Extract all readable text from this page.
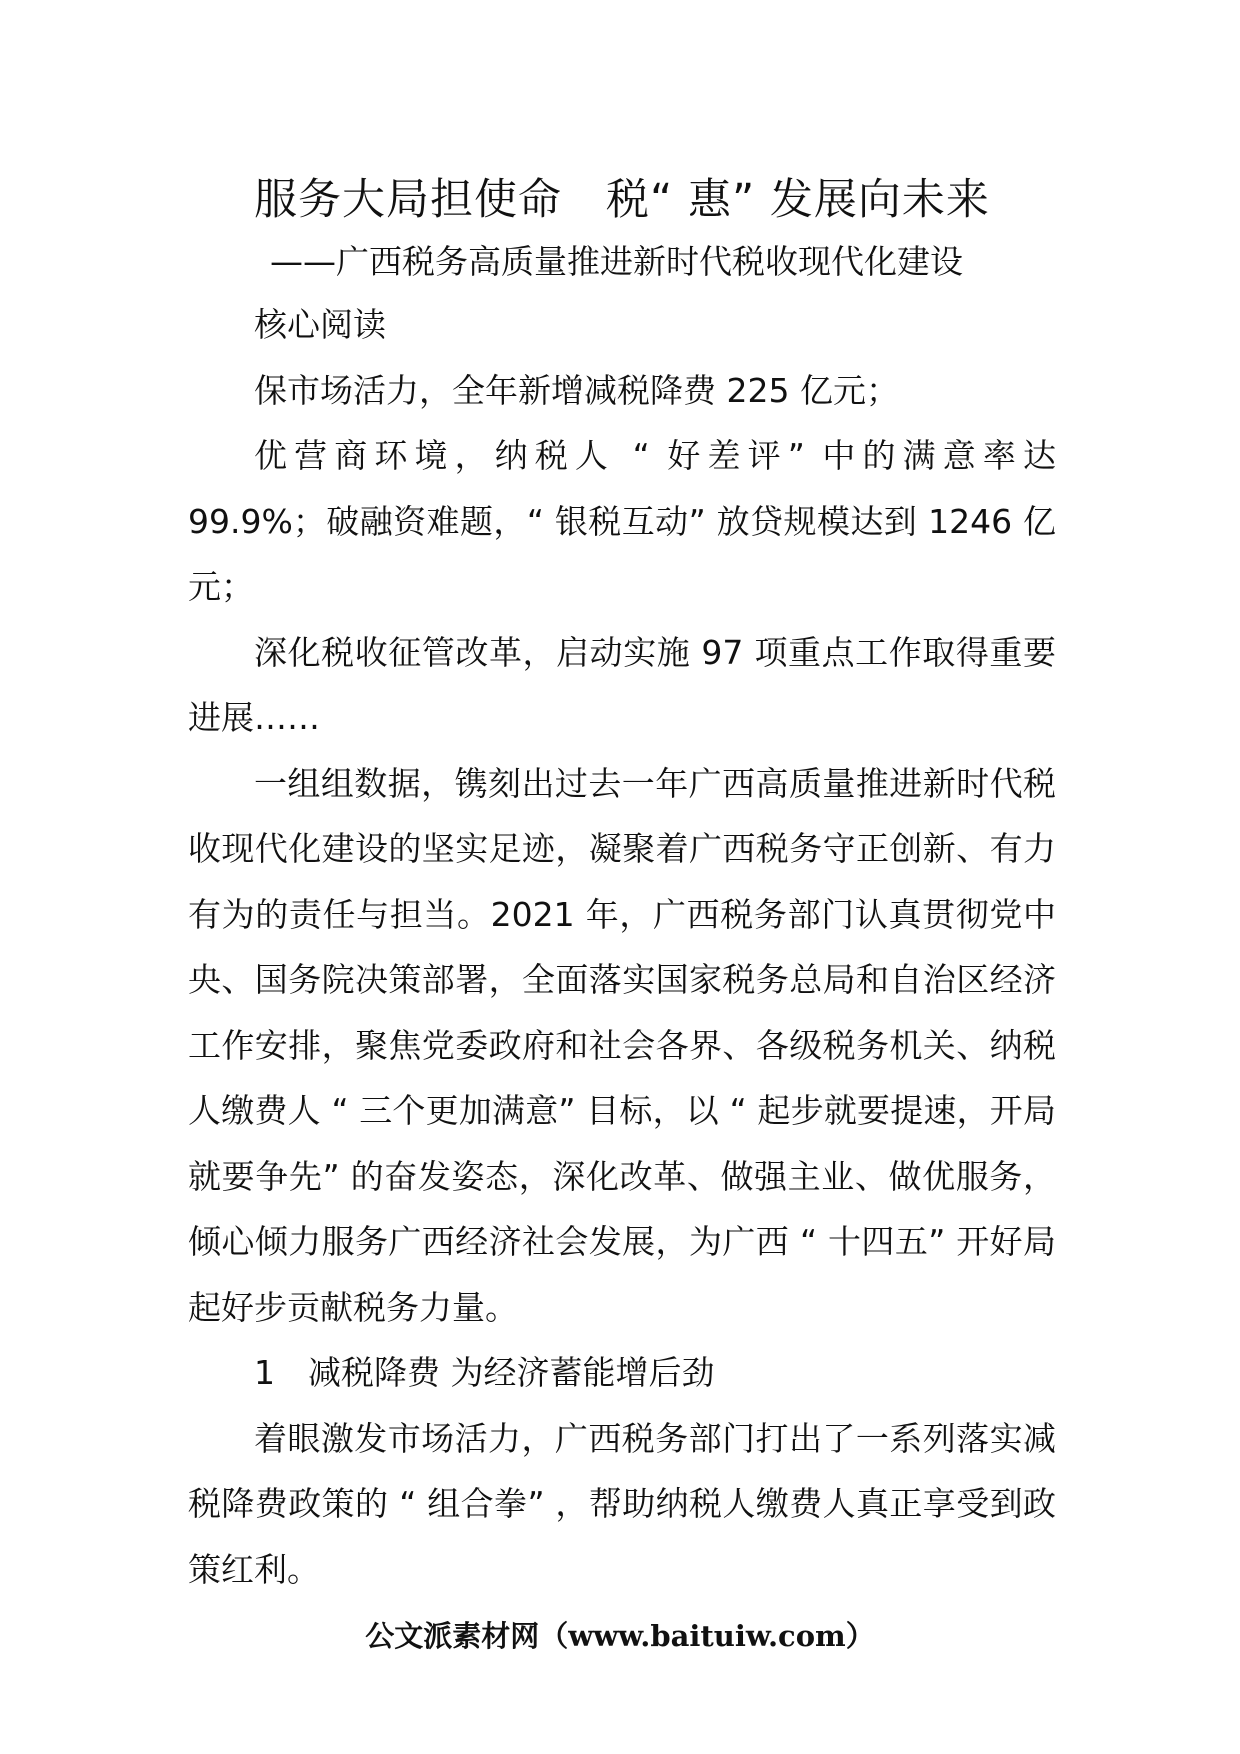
服务大局担使命　税“ 惠” 发展向未来
——广西税务高质量推进新时代税收现代化建设

核心阅读

保市场活力，全年新增减税降费 225 亿元；

优营商环境，纳税人 “ 好差评” 中的满意率达 99.9%；破融资难题，“ 银税互动” 放贷规模达到 1246 亿元；

深化税收征管改革，启动实施 97 项重点工作取得重要进展……

一组组数据，镌刻出过去一年广西高质量推进新时代税收现代化建设的坚实足迹，凝聚着广西税务守正创新、有力有为的责任与担当。2021 年，广西税务部门认真贯彻党中央、国务院决策部署，全面落实国家税务总局和自治区经济工作安排，聚焦党委政府和社会各界、各级税务机关、纳税人缴费人 “ 三个更加满意” 目标，以 “ 起步就要提速，开局就要争先” 的奋发姿态，深化改革、做强主业、做优服务，倾心倾力服务广西经济社会发展，为广西 “ 十四五” 开好局起好步贡献税务力量。

1　减税降费 为经济蓄能增后劲

着眼激发市场活力，广西税务部门打出了一系列落实减税降费政策的 “ 组合拳” ，帮助纳税人缴费人真正享受到政策红利。

公文派素材网（www.baituiw.com）
